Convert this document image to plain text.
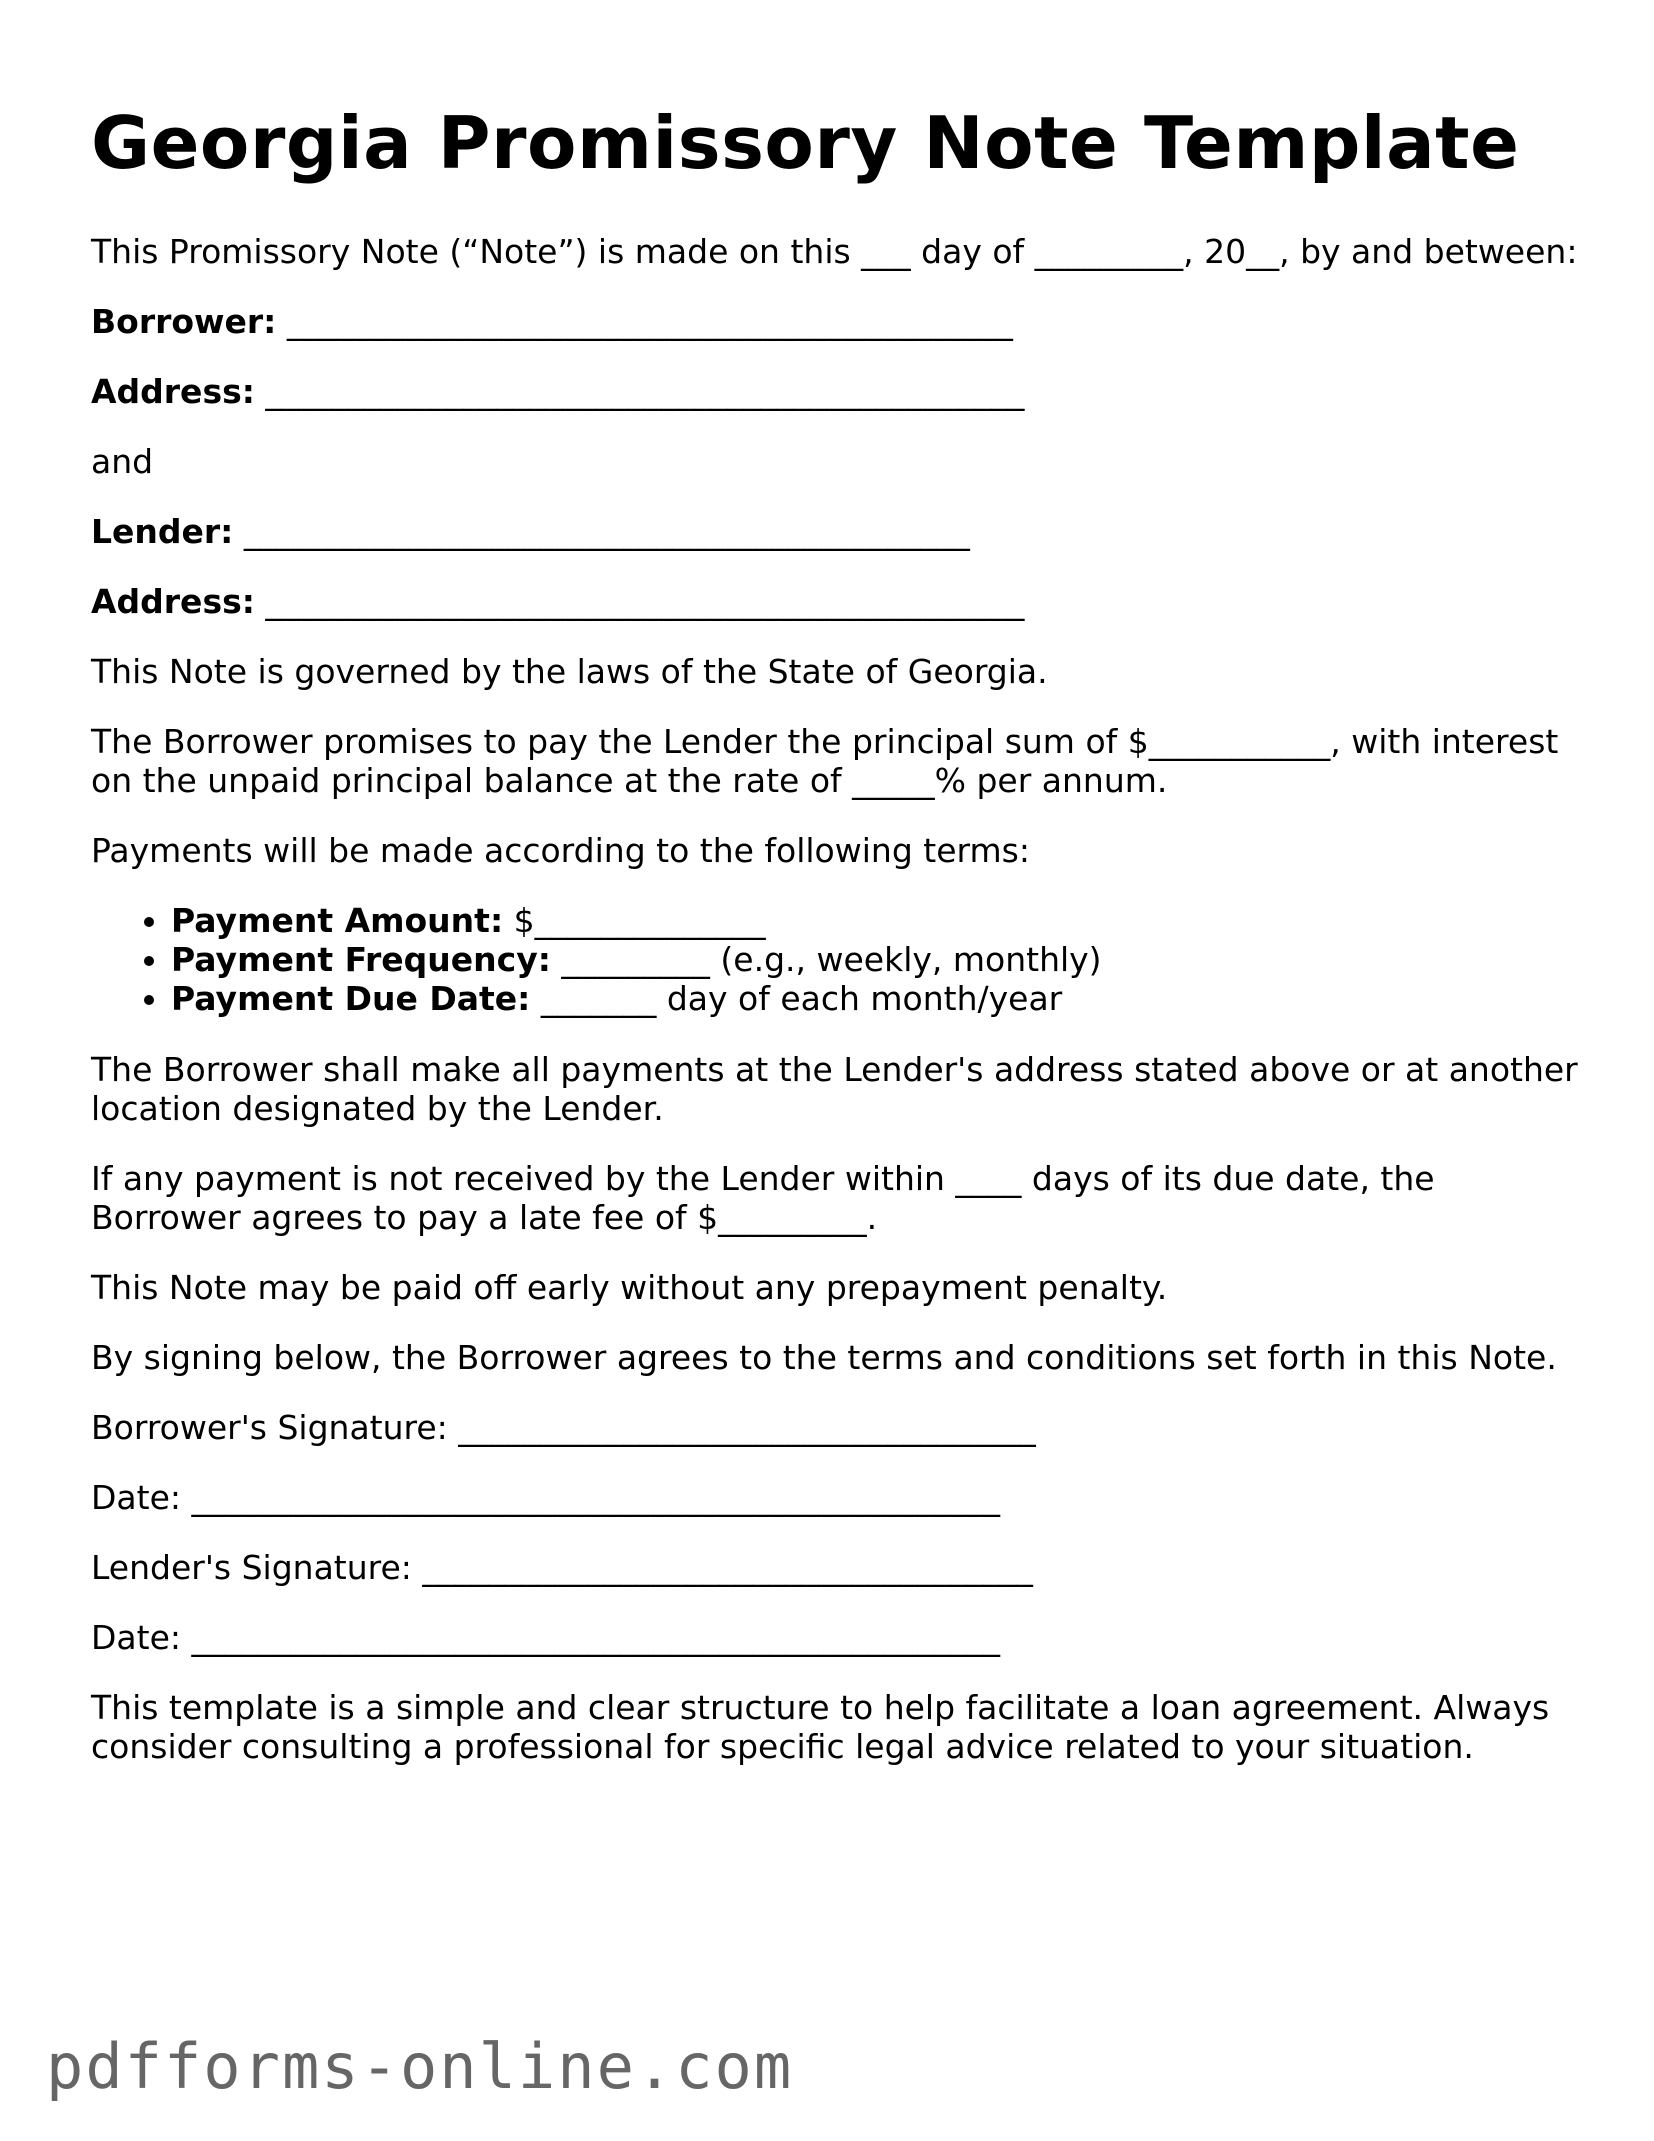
Georgia Promissory Note Template

This Promissory Note (“Note”) is made on this ___ day of _________, 20__, by and between:

Borrower: ____________________________________________

Address: ______________________________________________

and

Lender: ____________________________________________

Address: ______________________________________________

This Note is governed by the laws of the State of Georgia.

The Borrower promises to pay the Lender the principal sum of $___________, with interest on the unpaid principal balance at the rate of _____% per annum.

Payments will be made according to the following terms:

• Payment Amount: $______________
• Payment Frequency: _________ (e.g., weekly, monthly)
• Payment Due Date: _______ day of each month/year

The Borrower shall make all payments at the Lender's address stated above or at another location designated by the Lender.

If any payment is not received by the Lender within ____ days of its due date, the Borrower agrees to pay a late fee of $_________.

This Note may be paid off early without any prepayment penalty.

By signing below, the Borrower agrees to the terms and conditions set forth in this Note.

Borrower's Signature: ___________________________________

Date: _________________________________________________

Lender's Signature: _____________________________________

Date: _________________________________________________

This template is a simple and clear structure to help facilitate a loan agreement. Always consider consulting a professional for specific legal advice related to your situation.

pdfforms-online.com
